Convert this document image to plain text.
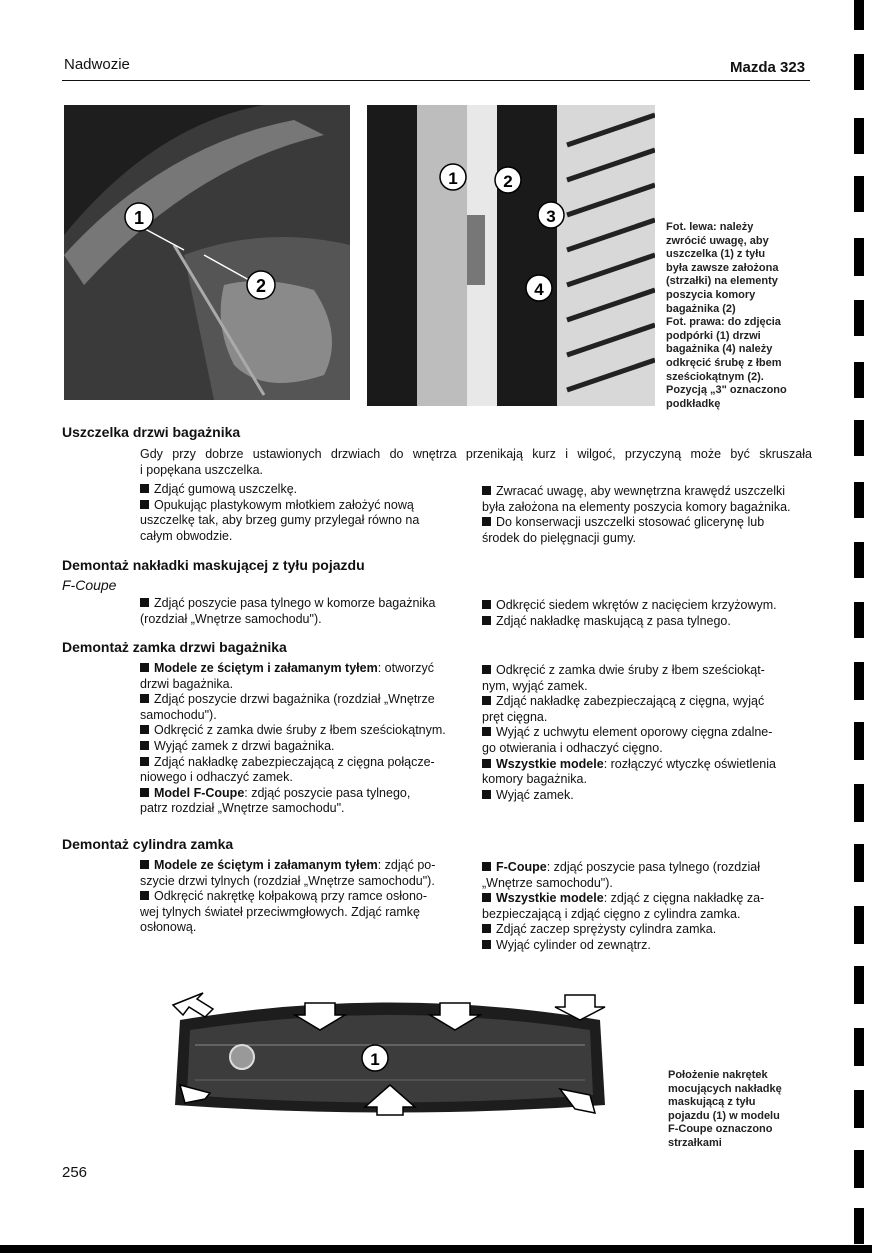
Nadwozie	Mazda 323
1
2
1	2
3
4
Fot. lewa: należy
zwrócić uwagę, aby
uszczelka (1) z tyłu
była zawsze założona
(strzałki) na elementy
poszycia komory
bagażnika (2)
Fot. prawa: do zdjęcia
podpórki (1) drzwi
bagażnika (4) należy
odkręcić śrubę z łbem
sześciokątnym (2).
Pozycją „3" oznaczono
podkładkę
Uszczelka drzwi bagażnika
Gdy przy dobrze ustawionych drzwiach do wnętrza przenikają kurz i wilgoć, przyczyną może być skruszała
i popękana uszczelka.

Zdjąć gumową uszczelkę.

Opukując plastykowym młotkiem założyć nową
uszczelkę tak, aby brzeg gumy przylegał równo na
całym obwodzie.

Zwracać uwagę, aby wewnętrzna krawędź uszczelki
była założona na elementy poszycia komory bagażnika.

Do konserwacji uszczelki stosować glicerynę lub
środek do pielęgnacji gumy.

Demontaż nakładki maskującej z tyłu pojazdu
F-Coupe

Zdjąć poszycie pasa tylnego w komorze bagażnika
(rozdział „Wnętrze samochodu").

Odkręcić siedem wkrętów z nacięciem krzyżowym.

Zdjąć nakładkę maskującą z pasa tylnego.

Demontaż zamka drzwi bagażnika

Modele ze ściętym i załamanym tyłem: otworzyć
drzwi bagażnika.

Zdjąć poszycie drzwi bagażnika (rozdział „Wnętrze
samochodu").

Odkręcić z zamka dwie śruby z łbem sześciokątnym.

Wyjąć zamek z drzwi bagażnika.

Zdjąć nakładkę zabezpieczającą z cięgna połącze-
niowego i odhaczyć zamek.

Model F-Coupe: zdjąć poszycie pasa tylnego,
patrz rozdział „Wnętrze samochodu".

Odkręcić z zamka dwie śruby z łbem sześciokąt-
nym, wyjąć zamek.

Zdjąć nakładkę zabezpieczającą z cięgna, wyjąć
pręt cięgna.

Wyjąć z uchwytu element oporowy cięgna zdalne-
go otwierania i odhaczyć cięgno.

Wszystkie modele: rozłączyć wtyczkę oświetlenia
komory bagażnika.

Wyjąć zamek.

Demontaż cylindra zamka

Modele ze ściętym i załamanym tyłem: zdjąć po-
szycie drzwi tylnych (rozdział „Wnętrze samochodu").

Odkręcić nakrętkę kołpakową przy ramce osłono-
wej tylnych świateł przeciwmgłowych. Zdjąć ramkę
osłonową.

F-Coupe: zdjąć poszycie pasa tylnego (rozdział
„Wnętrze samochodu").

Wszystkie modele: zdjąć z cięgna nakładkę za-
bezpieczającą i zdjąć cięgno z cylindra zamka.

Zdjąć zaczep sprężysty cylindra zamka.

Wyjąć cylinder od zewnątrz.

1
Położenie nakrętek
mocujących nakładkę
maskującą z tyłu
pojazdu (1) w modelu
F-Coupe oznaczono
strzałkami
256
